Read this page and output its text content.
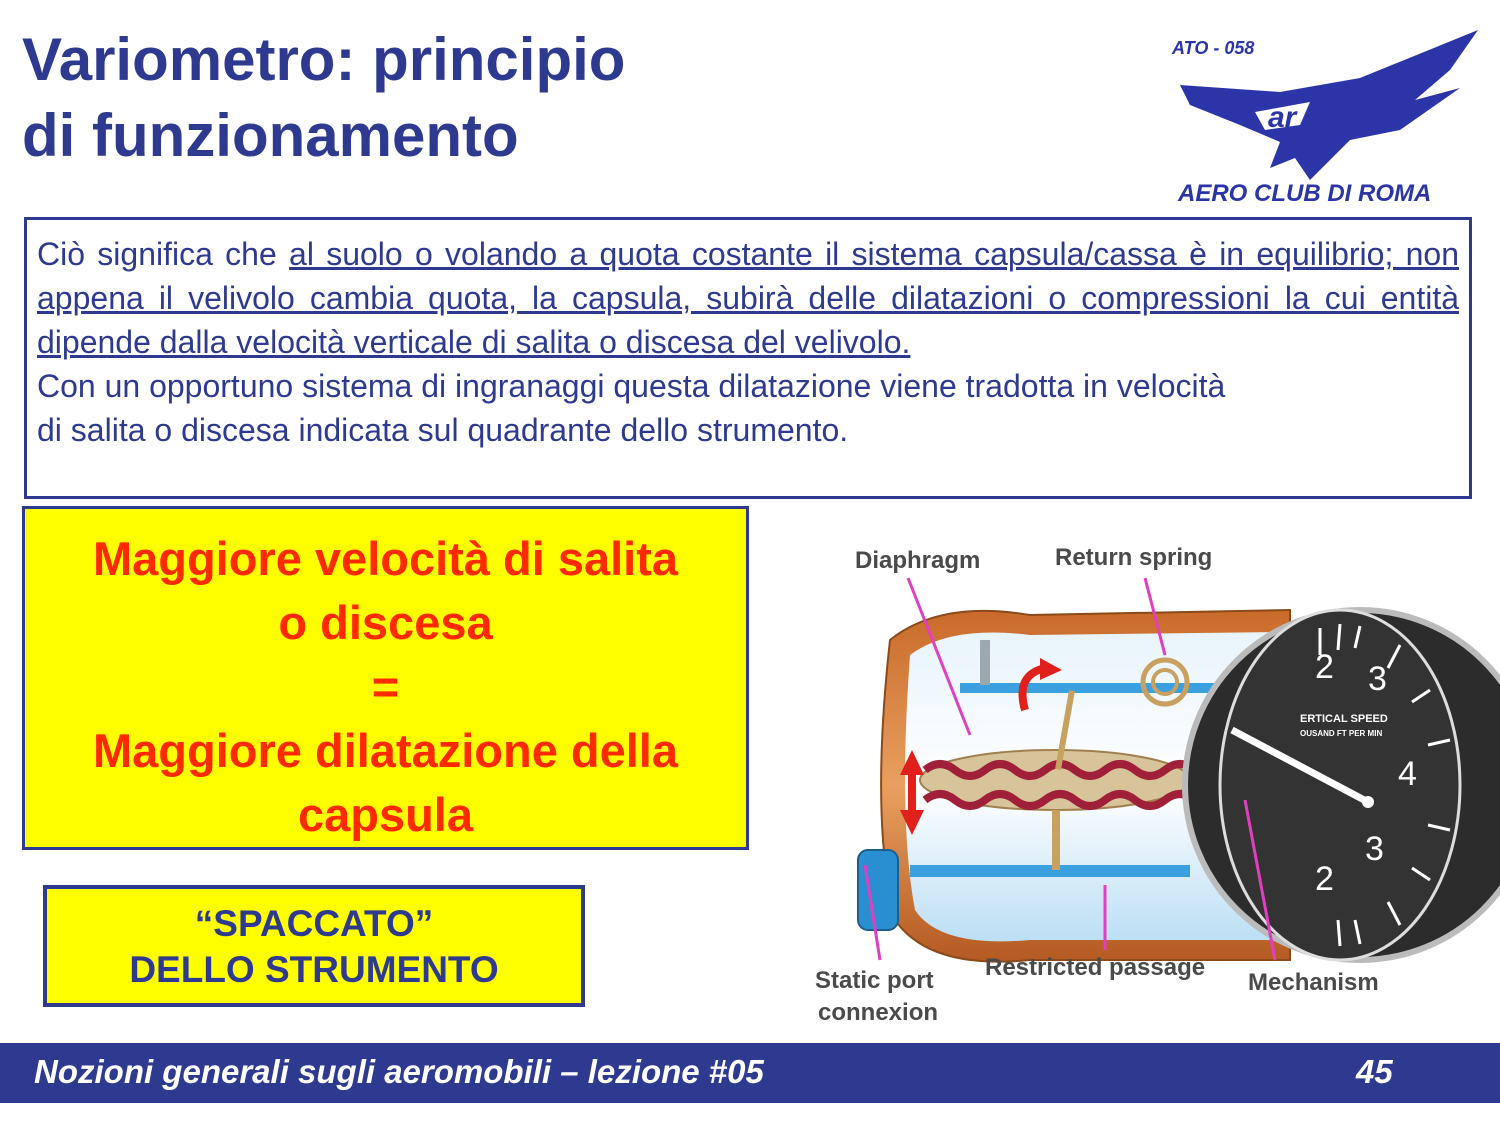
Variometro: principio
di funzionamento
ATO - 058
ar
AERO CLUB DI ROMA

Ciò significa che al suolo o volando a quota costante il sistema capsula/cassa è in equilibrio; non appena il velivolo cambia quota, la capsula, subirà delle dilatazioni o compressioni la cui entità dipende dalla velocità verticale di salita o discesa del velivolo.

Con un opportuno sistema di ingranaggi questa dilatazione viene tradotta in velocità
di salita o discesa indicata sul quadrante dello strumento.

Maggiore velocità di salita
o discesa
=
Maggiore dilatazione della
capsula
“SPACCATO”
DELLO STRUMENTO
2 3
4
3
2
ERTICAL SPEED
OUSAND FT PER MIN
Diaphragm	Return spring
Static port
connexion
Restricted passage
Mechanism
Nozioni generali sugli aeromobili – lezione #05	45
